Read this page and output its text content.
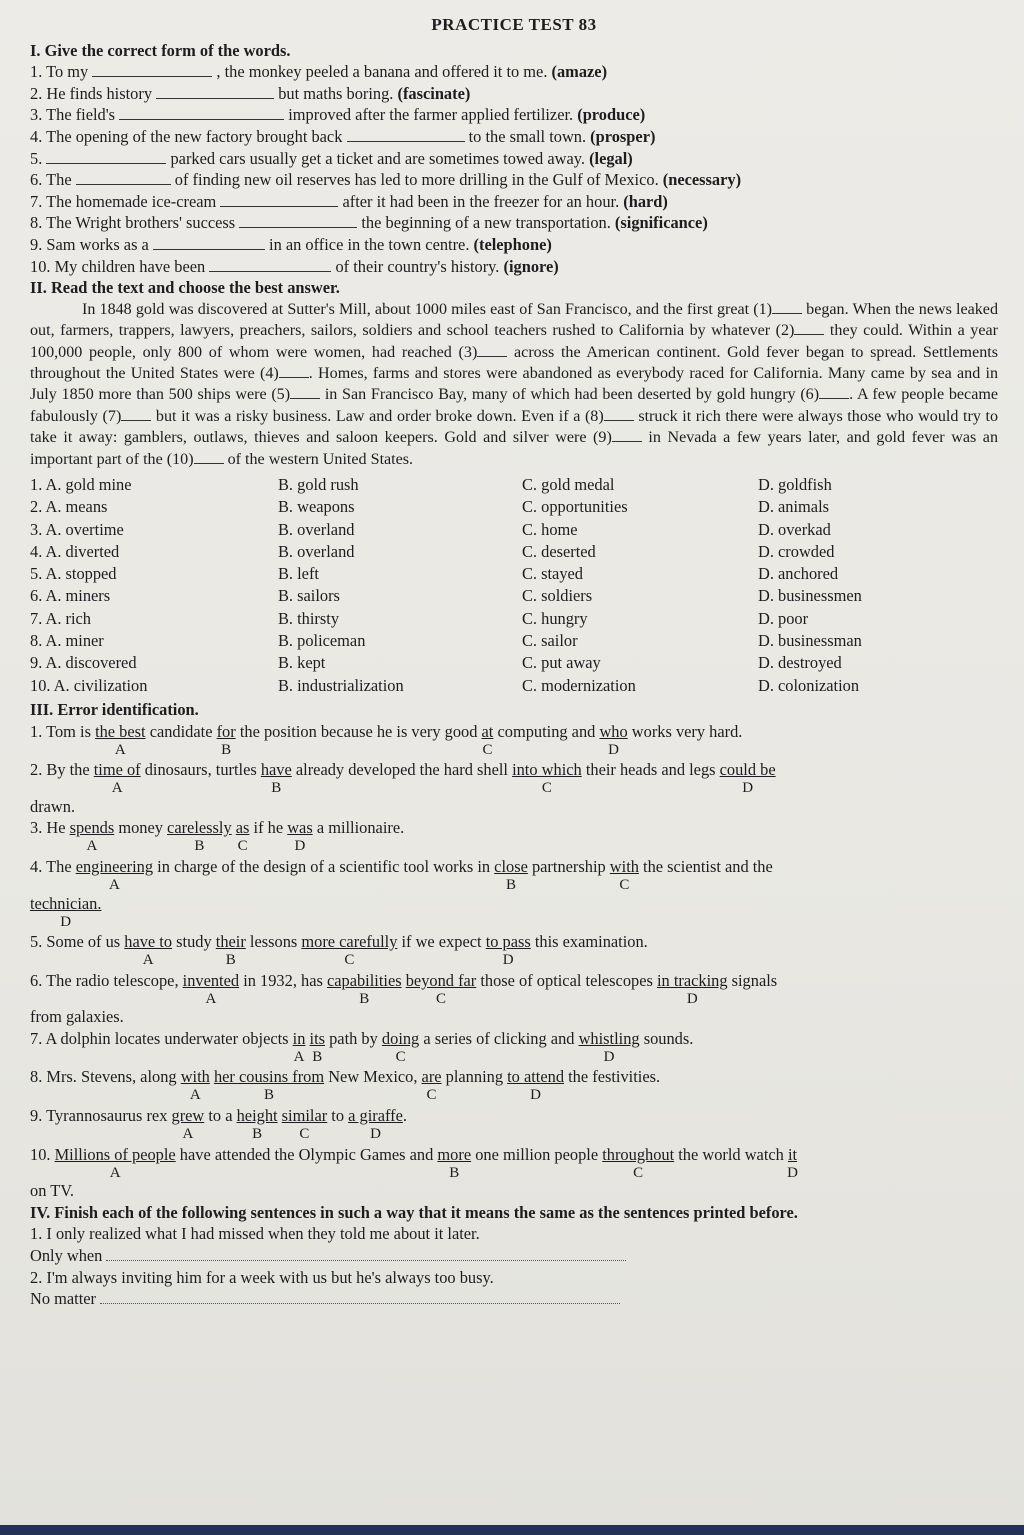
PRACTICE TEST 83

I. Give the correct form of the words.

1. To my	, the monkey peeled a banana and offered it to me. (amaze)

2. He finds history	but maths boring. (fascinate)

3. The field's	improved after the farmer applied fertilizer. (produce)

4. The opening of the new factory brought back	to the small town. (prosper)

5.	parked cars usually get a ticket and are sometimes towed away. (legal)

6. The	of finding new oil reserves has led to more drilling in the Gulf of Mexico. (necessary)

7. The homemade ice-cream	after it had been in the freezer for an hour. (hard)

8. The Wright brothers' success	the beginning of a new transportation. (significance)

9. Sam works as a	in an office in the town centre. (telephone)

10. My children have been	of their country's history. (ignore)

II. Read the text and choose the best answer.

In 1848 gold was discovered at Sutter's Mill, about 1000 miles east of San Francisco, and the first great (1) began. When the news leaked out, farmers, trappers, lawyers, preachers, sailors, soldiers and school teachers rushed to California by whatever (2) they could. Within a year 100,000 people, only 800 of whom were women, had reached (3) across the American continent. Gold fever began to spread. Settlements throughout the United States were (4) . Homes, farms and stores were abandoned as everybody raced for California. Many came by sea and in July 1850 more than 500 ships were (5) in San Francisco Bay, many of which had been deserted by gold hungry (6) . A few people became fabulously (7) but it was a risky business. Law and order broke down. Even if a (8) struck it rich there were always those who would try to take it away: gamblers, outlaws, thieves and saloon keepers. Gold and silver were (9) in Nevada a few years later, and gold fever was an important part of the (10) of the western United States.

1. A. gold mine	B. gold rush	C. gold medal	D. goldfish
2. A. means	B. weapons	C. opportunities	D. animals
3. A. overtime	B. overland	C. home	D. overkad
4. A. diverted	B. overland	C. deserted	D. crowded
5. A. stopped	B. left	C. stayed	D. anchored
6. A. miners	B. sailors	C. soldiers	D. businessmen
7. A. rich	B. thirsty	C. hungry	D. poor
8. A. miner	B. policeman	C. sailor	D. businessman
9. A. discovered	B. kept	C. put away	D. destroyed
10. A. civilization	B. industrialization	C. modernization	D. colonization

III. Error identification.

1. Tom is the best
A
candidate for
B
the position because he is very good at
C
computing and who
D
works very hard.

2. By the time of
A
dinosaurs, turtles have
B
already developed the hard shell into which
C
their heads and legs could be
D

drawn.

3. He spends
A
money carelessly
B
as
C
if he was
D
a millionaire.

4. The engineering
A
in charge of the design of a scientific tool works in close
B
partnership with
C
the scientist and the

technician.
D

5. Some of us have to
A
study their
B
lessons more carefully
C
if we expect to pass
D
this examination.

6. The radio telescope, invented
A
in 1932, has capabilities
B
beyond far
C
those of optical telescopes in tracking
D
signals

from galaxies.

7. A dolphin locates underwater objects in
A
its
B
path by doing
C
a series of clicking and whistling
D
sounds.

8. Mrs. Stevens, along with
A
her cousins from
B
New Mexico, are
C
planning to attend
D
the festivities.

9. Tyrannosaurus rex grew
A
to a height
B
similar
C
to a giraffe
D
.

10. Millions of people
A
have attended the Olympic Games and more
B
one million people throughout
C
the world watch it
D

on TV.

IV. Finish each of the following sentences in such a way that it means the same as the sentences printed before.

1. I only realized what I had missed when they told me about it later.

Only when

2. I'm always inviting him for a week with us but he's always too busy.

No matter
